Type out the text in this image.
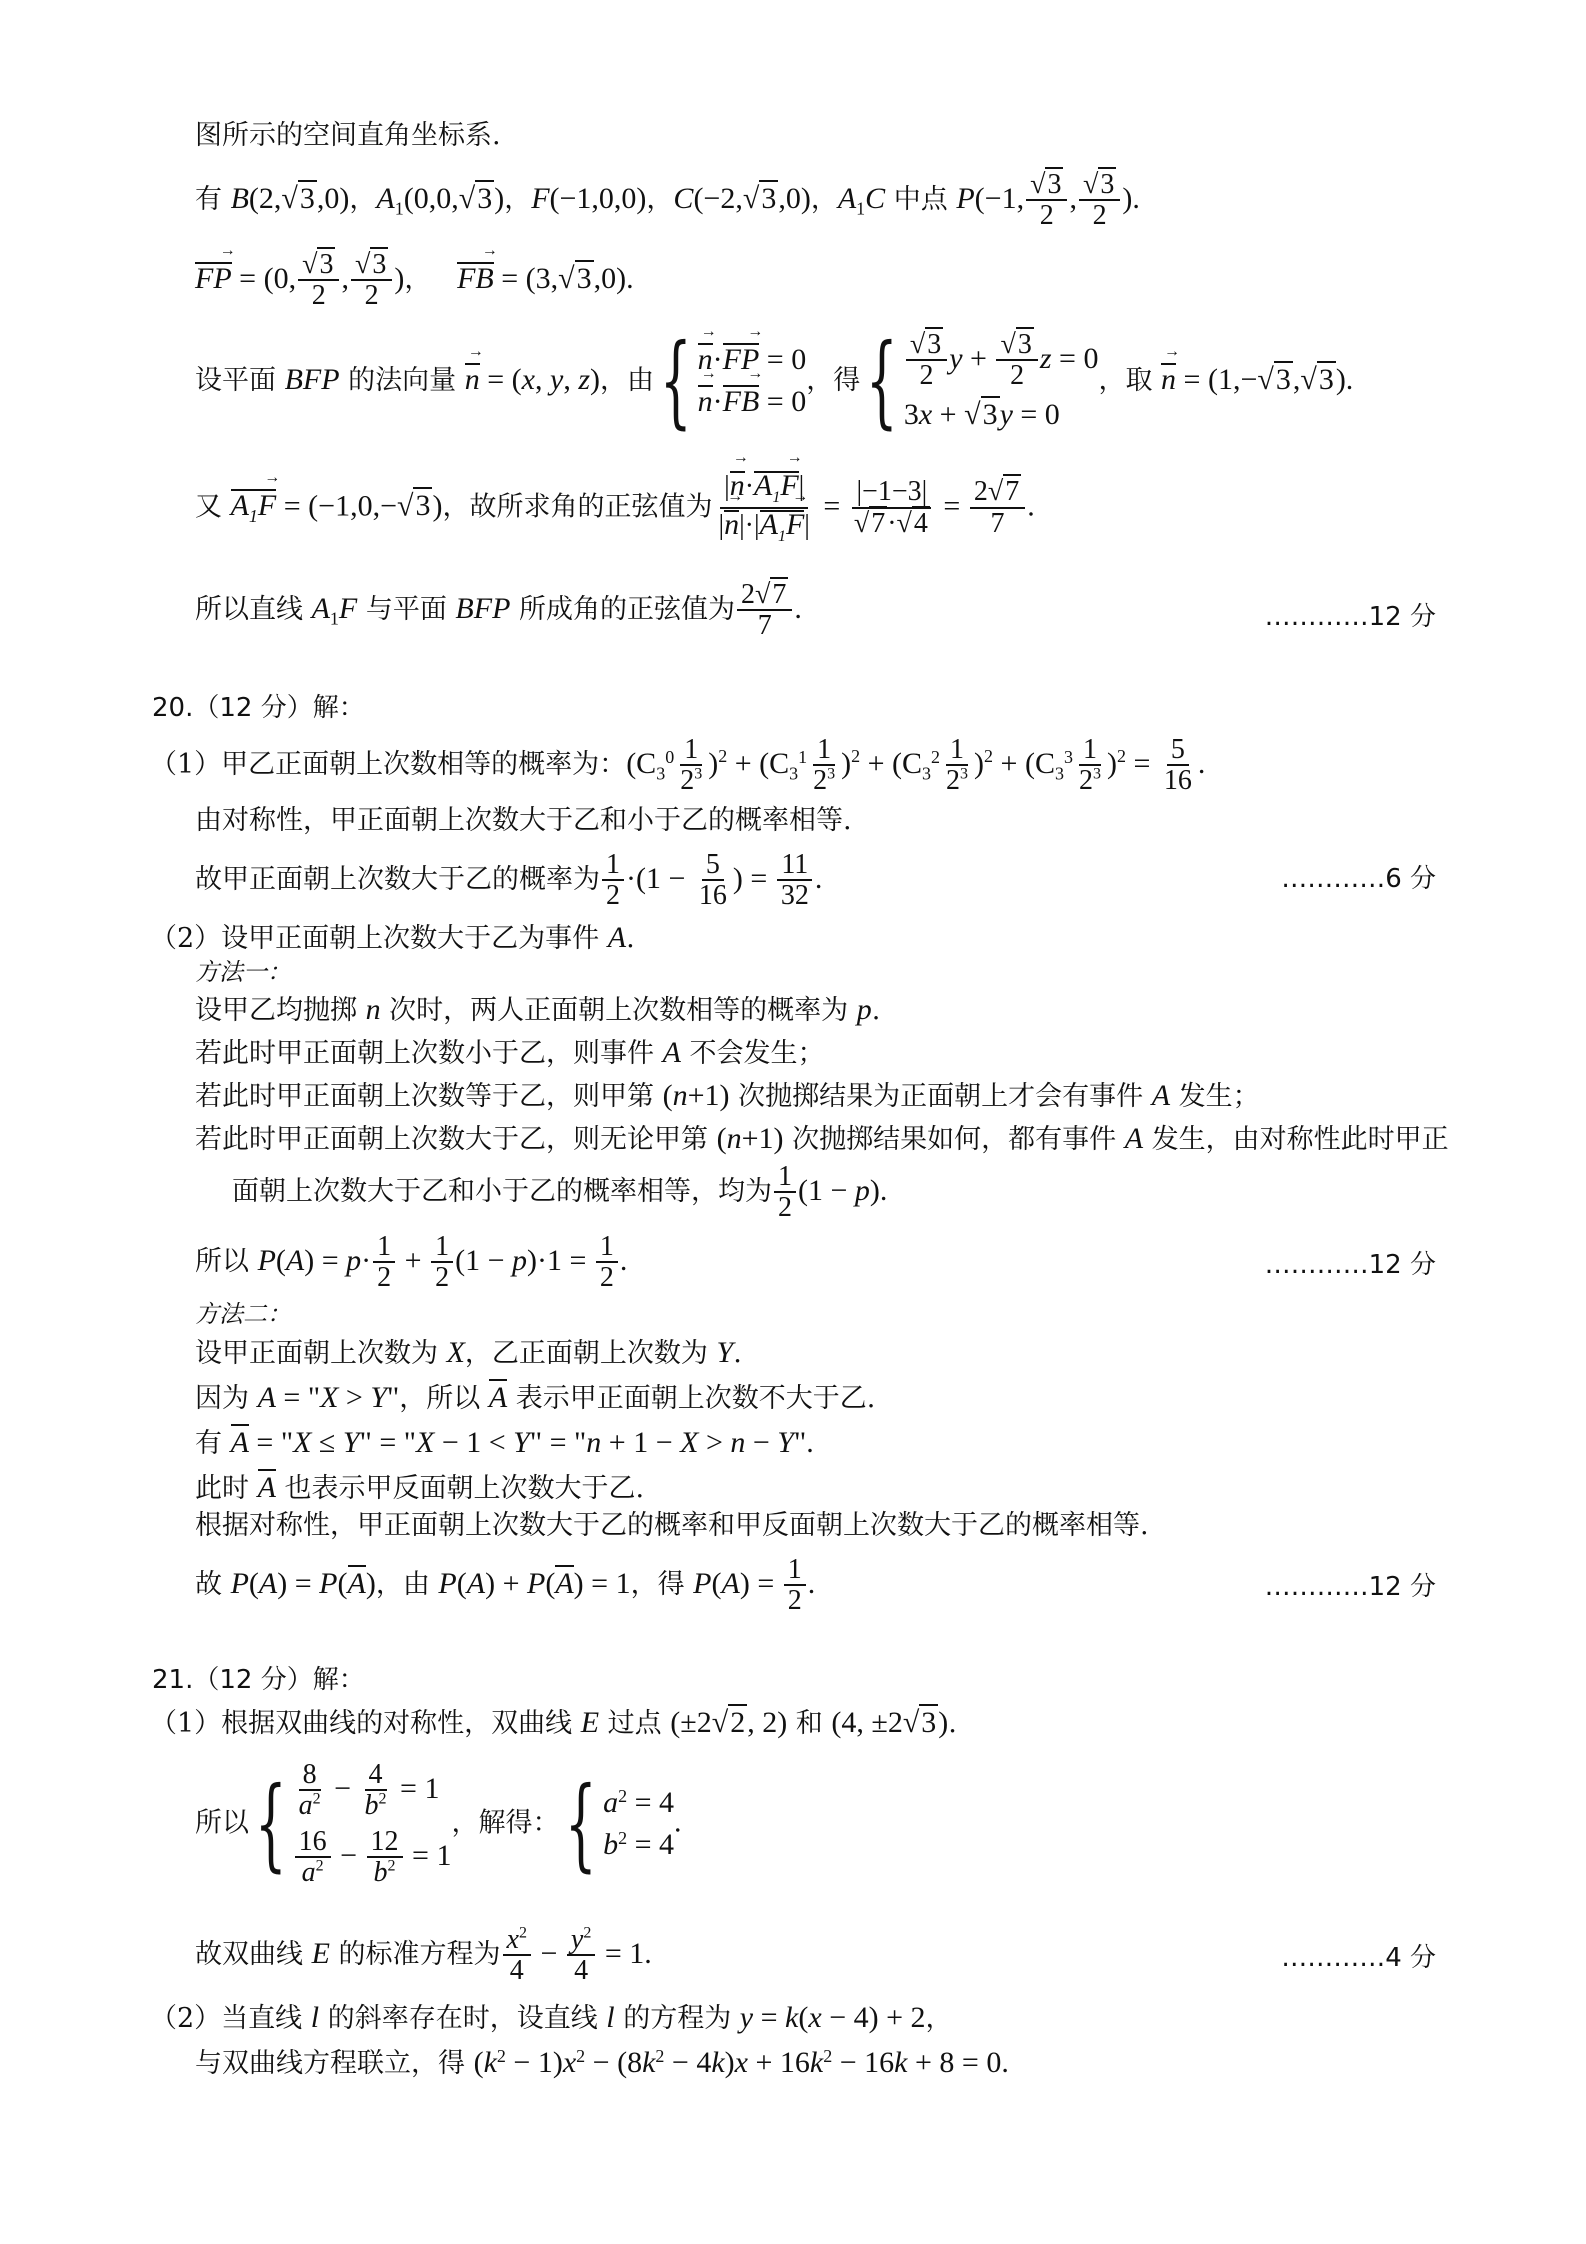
图所示的空间直角坐标系.
有 B(2,√3,0)，$A_1(0,0,√3)$，F(−1,0,0)，C(−2,√3,0)，$A_1C$ 中点 P(−1, $\frac{√3}{2}$ , $\frac{√3}{2}$ ).
FP → = (0, $\frac{√3}{2}$ , $\frac{√3}{2}$ )，   FB → = (3,√3,0).
设平面 BFP 的法向量 n → = (x, y, z)，由{ n →·FP → = 0
n →·FB → = 0
，得{ $\frac{√3}{2}$ $y + \frac{√3}{2}$ z = 0
3x + √3y = 0
，取 n → = (1,−√3,√3).
又 $A_1F$ → = (−1,0,−√3)，故所求角的正弦值为 $\frac{|n \to\cdot A_1F \to|}{|n \to|\cdot|A_1F \to|} = \frac{|-1-3|}{√7\cdot√4} = \frac{2√7}{7}$ .
所以直线 $A_1F$ 与平面 BFP 所成角的正弦值为 $\frac{2√7}{7}$ .	…………12 分
20.（12 分）解：
（1）甲乙正面朝上次数相等的概率为：$(C_3^0 \frac{1}{2^3} )^2 + (C_3^1 \frac{1}{2^3} )^2 + (C_3^2 \frac{1}{2^3} )^2 + (C_3^3 \frac{1}{2^3} )^2 = \frac{5}{16}$ .
由对称性，甲正面朝上次数大于乙和小于乙的概率相等.
故甲正面朝上次数大于乙的概率为 $\frac{1}{2} \cdot(1 - \frac{5}{16}$ ) = $\frac{11}{32}$ .	…………6 分
（2）设甲正面朝上次数大于乙为事件 A.
方法一：
设甲乙均抛掷 n 次时，两人正面朝上次数相等的概率为 p.
若此时甲正面朝上次数小于乙，则事件 A 不会发生；
若此时甲正面朝上次数等于乙，则甲第 (n+1) 次抛掷结果为正面朝上才会有事件 A 发生；
若此时甲正面朝上次数大于乙，则无论甲第 (n+1) 次抛掷结果如何，都有事件 A 发生，由对称性此时甲正
面朝上次数大于乙和小于乙的概率相等，均为 $\frac{1}{2} (1 - p)$.
所以 $P(A) = p\cdot \frac{1}{2} + \frac{1}{2} (1 - p)\cdot 1 = \frac{1}{2}$ .	…………12 分
方法二：
设甲正面朝上次数为 X，乙正面朝上次数为 Y.
因为 A = "X > Y"，所以 A 表示甲正面朝上次数不大于乙.
有 A = "X ≤ Y" = "X − 1 < Y" = "n + 1 − X > n − Y".
此时 A 也表示甲反面朝上次数大于乙.
根据对称性，甲正面朝上次数大于乙的概率和甲反面朝上次数大于乙的概率相等.
故 P(A) = P(A)，由 P(A) + P(A) = 1，得 $P(A) = \frac{1}{2}$ .	…………12 分
21.（12 分）解：
（1）根据双曲线的对称性，双曲线 E 过点 (±2√2, 2) 和 (4, ±2√3).
所以{ $\frac{8}{a^2} - \frac{4}{b^2} = 1$
$\frac{16}{a^2} - \frac{12}{b^2} = 1$
，解得：{ $a^2 = 4$
$b^2 = 4$
.
故双曲线 E 的标准方程为 $\frac{x^2}{4} - \frac{y^2}{4} = 1$.	…………4 分
（2）当直线 l 的斜率存在时，设直线 l 的方程为 y = k(x − 4) + 2，
与双曲线方程联立，得 $(k^2 - 1)x^2 - (8k^2 - 4k)x + 16k^2 - 16k + 8 = 0$.
